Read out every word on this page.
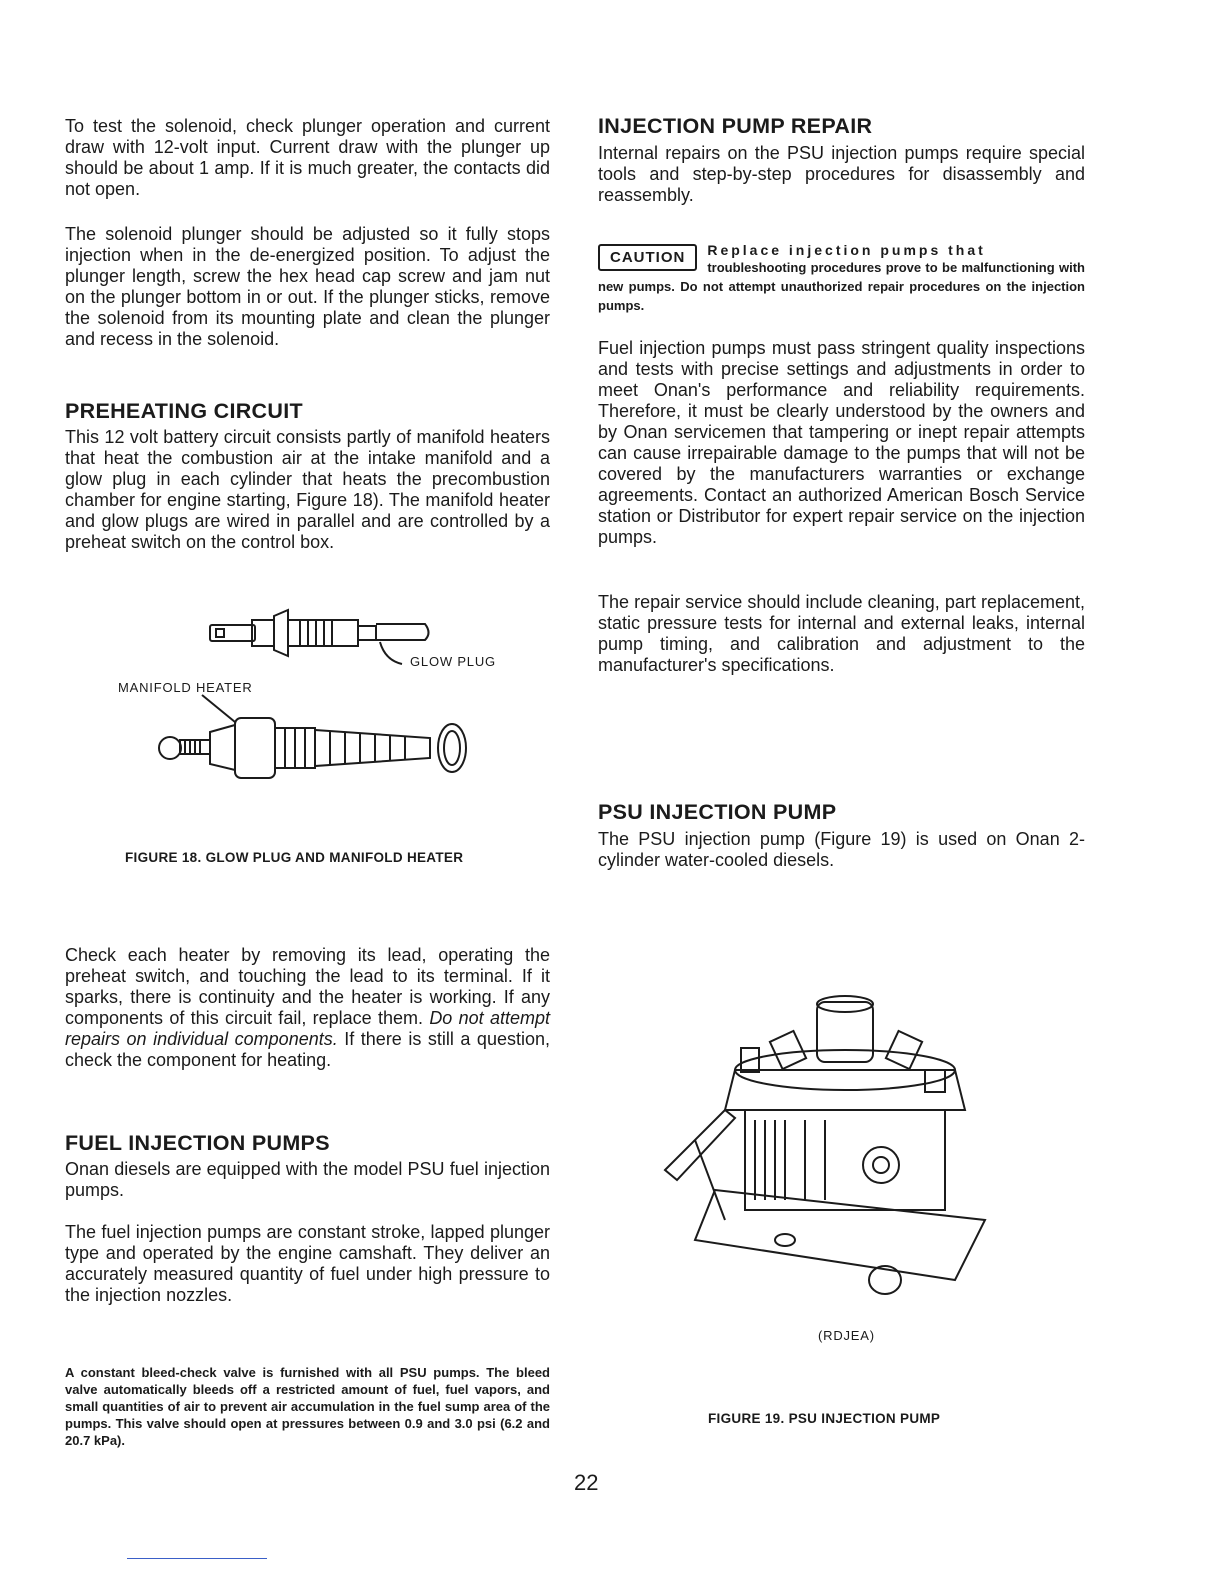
To test the solenoid, check plunger operation and current draw with 12-volt input. Current draw with the plunger up should be about 1 amp. If it is much greater, the contacts did not open.

The solenoid plunger should be adjusted so it fully stops injection when in the de-energized position. To adjust the plunger length, screw the hex head cap screw and jam nut on the plunger bottom in or out. If the plunger sticks, remove the solenoid from its mounting plate and clean the plunger and recess in the solenoid.

PREHEATING CIRCUIT

This 12 volt battery circuit consists partly of manifold heaters that heat the combustion air at the intake manifold and a glow plug in each cylinder that heats the precombustion chamber for engine starting, Figure 18). The manifold heater and glow plugs are wired in parallel and are controlled by a preheat switch on the control box.

GLOW PLUG
MANIFOLD HEATER
FIGURE 18. GLOW PLUG AND MANIFOLD HEATER

Check each heater by removing its lead, operating the preheat switch, and touching the lead to its terminal. If it sparks, there is continuity and the heater is working. If any components of this circuit fail, replace them. Do not attempt repairs on individual components. If there is still a question, check the component for heating.

FUEL INJECTION PUMPS

Onan diesels are equipped with the model PSU fuel injection pumps.

The fuel injection pumps are constant stroke, lapped plunger type and operated by the engine camshaft. They deliver an accurately measured quantity of fuel under high pressure to the injection nozzles.

A constant bleed-check valve is furnished with all PSU pumps. The bleed valve automatically bleeds off a restricted amount of fuel, fuel vapors, and small quantities of air to prevent air accumulation in the fuel sump area of the pumps. This valve should open at pressures between 0.9 and 3.0 psi (6.2 and 20.7 kPa).

INJECTION PUMP REPAIR

Internal repairs on the PSU injection pumps require special tools and step-by-step procedures for disassembly and reassembly.

CAUTION	Replace injection pumps that
troubleshooting procedures prove to be malfunctioning with new pumps. Do not attempt unauthorized repair procedures on the injection pumps.

Fuel injection pumps must pass stringent quality inspections and tests with precise settings and adjustments in order to meet Onan's performance and reliability requirements. Therefore, it must be clearly understood by the owners and by Onan servicemen that tampering or inept repair attempts can cause irrepairable damage to the pumps that will not be covered by the manufacturers warranties or exchange agreements. Contact an authorized American Bosch Service station or Distributor for expert repair service on the injection pumps.

The repair service should include cleaning, part replacement, static pressure tests for internal and external leaks, internal pump timing, and calibration and adjustment to the manufacturer's specifications.

PSU INJECTION PUMP

The PSU injection pump (Figure 19) is used on Onan 2-cylinder water-cooled diesels.

(RDJEA)
FIGURE 19. PSU INJECTION PUMP
22
